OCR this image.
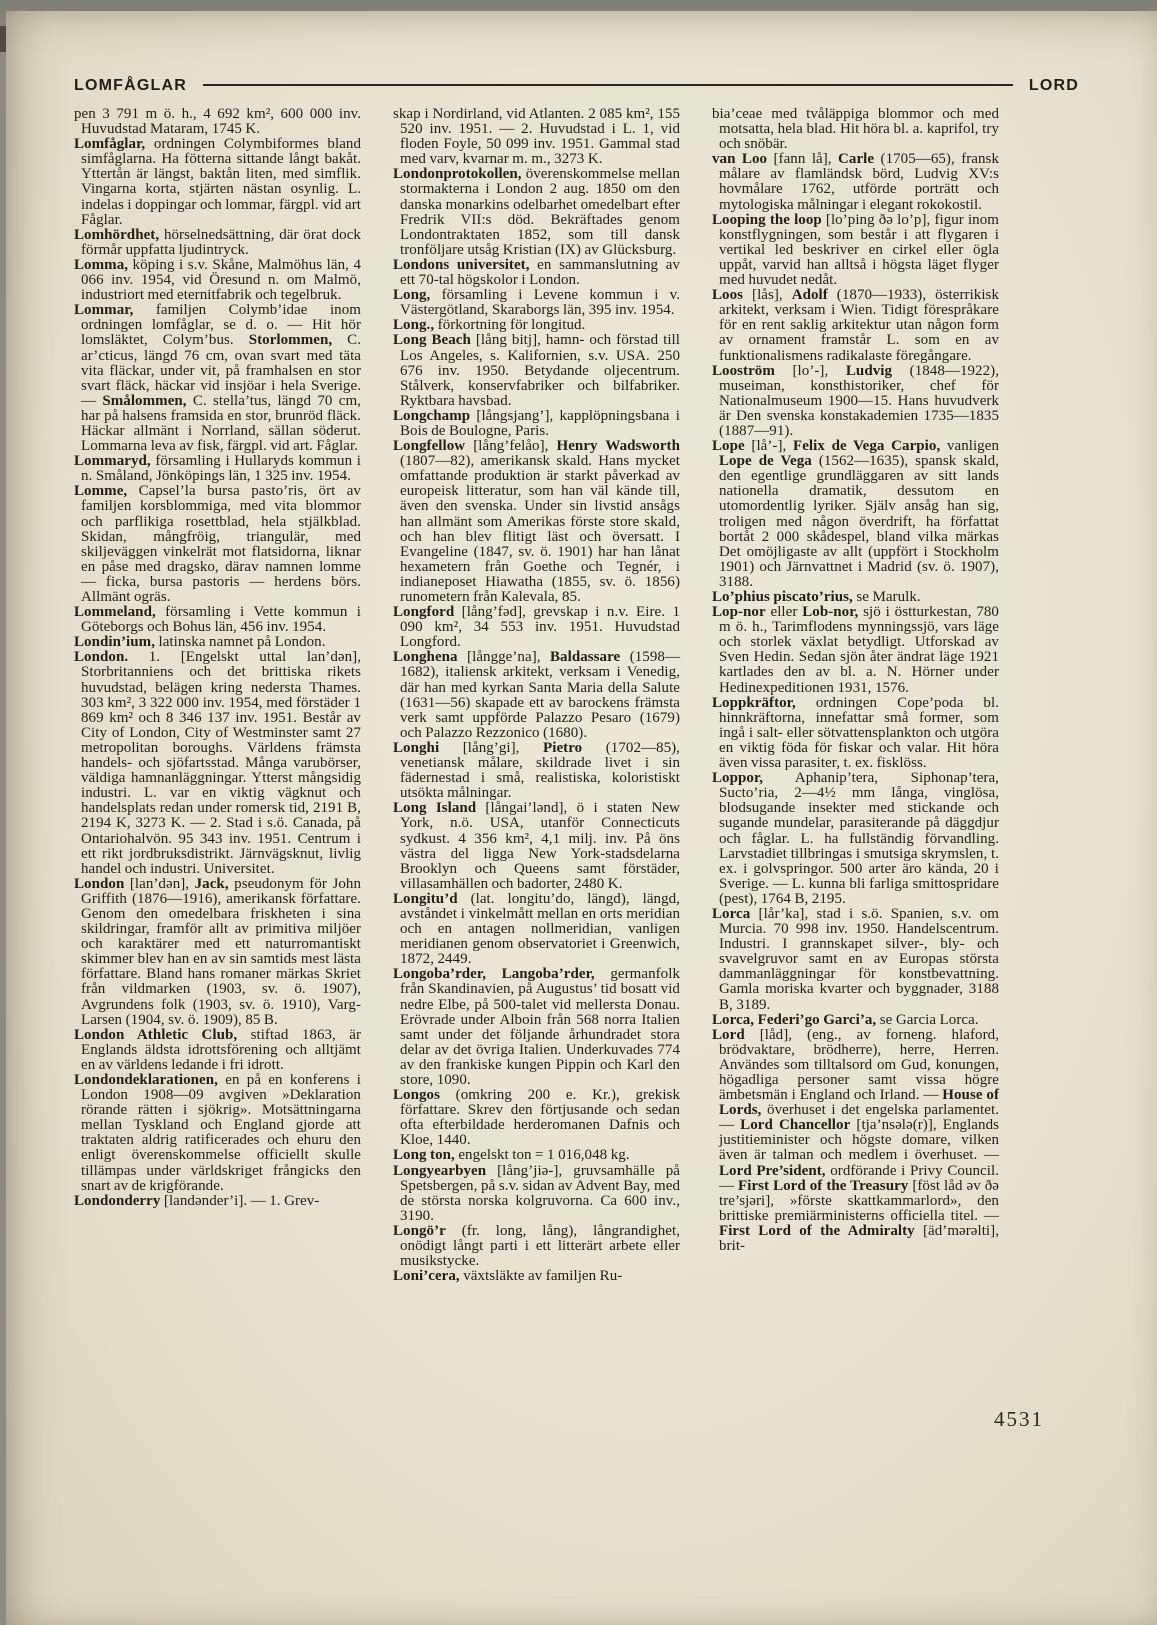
LOMFÅGLAR	LORD

pen 3 791 m ö. h., 4 692 km², 600 000 inv. Huvudstad Mataram, 1745 K.

Lomfåglar, ordningen Colymbiformes bland simfåglarna. Ha fötterna sittande långt bakåt. Yttertån är längst, baktån liten, med simflik. Vingarna korta, stjärten nästan osynlig. L. indelas i doppingar och lommar, färgpl. vid art Fåglar.

Lomhördhet, hörselnedsättning, där örat dock förmår uppfatta ljudintryck.

Lomma, köping i s.v. Skåne, Malmöhus län, 4 066 inv. 1954, vid Öresund n. om Malmö, industriort med eternitfabrik och tegelbruk.

Lommar, familjen Colymb’idae inom ordningen lomfåglar, se d. o. — Hit hör lomsläktet, Colym’bus. Storlommen, C. ar’cticus, längd 76 cm, ovan svart med täta vita fläckar, under vit, på framhalsen en stor svart fläck, häckar vid insjöar i hela Sverige. — Smålommen, C. stella’tus, längd 70 cm, har på halsens framsida en stor, brunröd fläck. Häckar allmänt i Norrland, sällan söderut. Lommarna leva av fisk, färgpl. vid art. Fåglar.

Lommaryd, församling i Hullaryds kommun i n. Småland, Jönköpings län, 1 325 inv. 1954.

Lomme, Capsel’la bursa pasto’ris, ört av familjen korsblommiga, med vita blommor och parflikiga rosettblad, hela stjälkblad. Skidan, mångfröig, triangulär, med skiljeväggen vinkelrät mot flatsidorna, liknar en påse med dragsko, därav namnen lomme — ficka, bursa pastoris — herdens börs. Allmänt ogräs.

Lommeland, församling i Vette kommun i Göteborgs och Bohus län, 456 inv. 1954.

Londin’ium, latinska namnet på London.

London. 1. [Engelskt uttal lan’dən], Storbritanniens och det brittiska rikets huvudstad, belägen kring nedersta Thames. 303 km², 3 322 000 inv. 1954, med förstäder 1 869 km² och 8 346 137 inv. 1951. Består av City of London, City of Westminster samt 27 metropolitan boroughs. Världens främsta handels- och sjöfartsstad. Många varubörser, väldiga hamnanläggningar. Ytterst mångsidig industri. L. var en viktig vägknut och handelsplats redan under romersk tid, 2191 B, 2194 K, 3273 K. — 2. Stad i s.ö. Canada, på Ontariohalvön. 95 343 inv. 1951. Centrum i ett rikt jordbruksdistrikt. Järnvägsknut, livlig handel och industri. Universitet.

London [lan’dən], Jack, pseudonym för John Griffith (1876—1916), amerikansk författare. Genom den omedelbara friskheten i sina skildringar, framför allt av primitiva miljöer och karaktärer med ett naturromantiskt skimmer blev han en av sin samtids mest lästa författare. Bland hans romaner märkas Skriet från vildmarken (1903, sv. ö. 1907), Avgrundens folk (1903, sv. ö. 1910), Varg-Larsen (1904, sv. ö. 1909), 85 B.

London Athletic Club, stiftad 1863, är Englands äldsta idrottsförening och alltjämt en av världens ledande i fri idrott.

Londondeklarationen, en på en konferens i London 1908—09 avgiven »Deklaration rörande rätten i sjökrig». Motsättningarna mellan Tyskland och England gjorde att traktaten aldrig ratificerades och ehuru den enligt överenskommelse officiellt skulle tillämpas under världskriget frångicks den snart av de krigförande.

Londonderry [landənder’i]. — 1. Grev-

skap i Nordirland, vid Atlanten. 2 085 km², 155 520 inv. 1951. — 2. Huvudstad i L. 1, vid floden Foyle, 50 099 inv. 1951. Gammal stad med varv, kvarnar m. m., 3273 K.

Londonprotokollen, överenskommelse mellan stormakterna i London 2 aug. 1850 om den danska monarkins odelbarhet omedelbart efter Fredrik VII:s död. Bekräftades genom Londontraktaten 1852, som till dansk tronföljare utsåg Kristian (IX) av Glücksburg.

Londons universitet, en sammanslutning av ett 70-tal högskolor i London.

Long, församling i Levene kommun i v. Västergötland, Skaraborgs län, 395 inv. 1954.

Long., förkortning för longitud.

Long Beach [lång bitj], hamn- och förstad till Los Angeles, s. Kalifornien, s.v. USA. 250 676 inv. 1950. Betydande oljecentrum. Stålverk, konservfabriker och bilfabriker. Ryktbara havsbad.

Longchamp [långsjang’], kapplöpningsbana i Bois de Boulogne, Paris.

Longfellow [lång’felåo], Henry Wadsworth (1807—82), amerikansk skald. Hans mycket omfattande produktion är starkt påverkad av europeisk litteratur, som han väl kände till, även den svenska. Under sin livstid ansågs han allmänt som Amerikas förste store skald, och han blev flitigt läst och översatt. I Evangeline (1847, sv. ö. 1901) har han lånat hexametern från Goethe och Tegnér, i indianeposet Hiawatha (1855, sv. ö. 1856) runometern från Kalevala, 85.

Longford [lång’fəd], grevskap i n.v. Eire. 1 090 km², 34 553 inv. 1951. Huvudstad Longford.

Longhena [långge’na], Baldassare (1598—1682), italiensk arkitekt, verksam i Venedig, där han med kyrkan Santa Maria della Salute (1631—56) skapade ett av barockens främsta verk samt uppförde Palazzo Pesaro (1679) och Palazzo Rezzonico (1680).

Longhi [lång’gi], Pietro (1702—85), venetiansk målare, skildrade livet i sin fädernestad i små, realistiska, koloristiskt utsökta målningar.

Long Island [långai’lənd], ö i staten New York, n.ö. USA, utanför Connecticuts sydkust. 4 356 km², 4,1 milj. inv. På öns västra del ligga New York-stadsdelarna Brooklyn och Queens samt förstäder, villasamhällen och badorter, 2480 K.

Longitu’d (lat. longitu’do, längd), längd, avståndet i vinkelmått mellan en orts meridian och en antagen nollmeridian, vanligen meridianen genom observatoriet i Greenwich, 1872, 2449.

Longoba’rder, Langoba’rder, germanfolk från Skandinavien, på Augustus’ tid bosatt vid nedre Elbe, på 500-talet vid mellersta Donau. Erövrade under Alboin från 568 norra Italien samt under det följande århundradet stora delar av det övriga Italien. Underkuvades 774 av den frankiske kungen Pippin och Karl den store, 1090.

Longos (omkring 200 e. Kr.), grekisk författare. Skrev den förtjusande och sedan ofta efterbildade herderomanen Dafnis och Kloe, 1440.

Long ton, engelskt ton = 1 016,048 kg.

Longyearbyen [lång’jiə-], gruvsamhälle på Spetsbergen, på s.v. sidan av Advent Bay, med de största norska kolgruvorna. Ca 600 inv., 3190.

Longö’r (fr. long, lång), långrandighet, onödigt långt parti i ett litterärt arbete eller musikstycke.

Loni’cera, växtsläkte av familjen Ru-

bia’ceae med tvåläppiga blommor och med motsatta, hela blad. Hit höra bl. a. kaprifol, try och snöbär.

van Loo [fann lå], Carle (1705—65), fransk målare av flamländsk börd, Ludvig XV:s hovmålare 1762, utförde porträtt och mytologiska målningar i elegant rokokostil.

Looping the loop [lo’ping ðə lo’p], figur inom konstflygningen, som består i att flygaren i vertikal led beskriver en cirkel eller ögla uppåt, varvid han alltså i högsta läget flyger med huvudet nedåt.

Loos [lås], Adolf (1870—1933), österrikisk arkitekt, verksam i Wien. Tidigt förespråkare för en rent saklig arkitektur utan någon form av ornament framstår L. som en av funktionalismens radikalaste föregångare.

Looström [lo’-], Ludvig (1848—1922), museiman, konsthistoriker, chef för Nationalmuseum 1900—15. Hans huvudverk är Den svenska konstakademien 1735—1835 (1887—91).

Lope [lå’-], Felix de Vega Carpio, vanligen Lope de Vega (1562—1635), spansk skald, den egentlige grundläggaren av sitt lands nationella dramatik, dessutom en utomordentlig lyriker. Själv ansåg han sig, troligen med någon överdrift, ha författat bortåt 2 000 skådespel, bland vilka märkas Det omöjligaste av allt (uppfört i Stockholm 1901) och Järnvattnet i Madrid (sv. ö. 1907), 3188.

Lo’phius piscato’rius, se Marulk.

Lop-nor eller Lob-nor, sjö i östturkestan, 780 m ö. h., Tarimflodens mynningssjö, vars läge och storlek växlat betydligt. Utforskad av Sven Hedin. Sedan sjön åter ändrat läge 1921 kartlades den av bl. a. N. Hörner under Hedinexpeditionen 1931, 1576.

Loppkräftor, ordningen Cope’poda bl. hinnkräftorna, innefattar små former, som ingå i salt- eller sötvattensplankton och utgöra en viktig föda för fiskar och valar. Hit höra även vissa parasiter, t. ex. fisklöss.

Loppor, Aphanip’tera, Siphonap’tera, Sucto’ria, 2—4½ mm långa, vinglösa, blodsugande insekter med stickande och sugande mundelar, parasiterande på däggdjur och fåglar. L. ha fullständig förvandling. Larvstadiet tillbringas i smutsiga skrymslen, t. ex. i golvspringor. 500 arter äro kända, 20 i Sverige. — L. kunna bli farliga smittospridare (pest), 1764 B, 2195.

Lorca [lår’ka], stad i s.ö. Spanien, s.v. om Murcia. 70 998 inv. 1950. Handelscentrum. Industri. I grannskapet silver-, bly- och svavelgruvor samt en av Europas största dammanläggningar för konstbevattning. Gamla moriska kvarter och byggnader, 3188 B, 3189.

Lorca, Federi’go Garci’a, se Garcia Lorca.

Lord [låd], (eng., av forneng. hlaford, brödvaktare, brödherre), herre, Herren. Användes som tilltalsord om Gud, konungen, högadliga personer samt vissa högre ämbetsmän i England och Irland. — House of Lords, överhuset i det engelska parlamentet. — Lord Chancellor [tja’nsələ(r)], Englands justitieminister och högste domare, vilken även är talman och medlem i överhuset. — Lord Pre’sident, ordförande i Privy Council. — First Lord of the Treasury [föst låd əv ðə tre’sjəri], »förste skattkammarlord», den brittiske premiärministerns officiella titel. — First Lord of the Admiralty [äd’mərəlti], brit-

4531
